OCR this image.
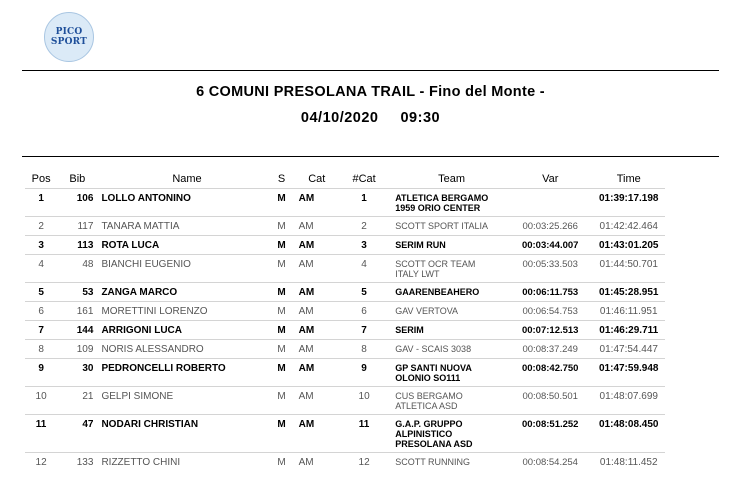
PICO
SPORT
6 COMUNI PRESOLANA TRAIL - Fino del Monte -
04/10/2020 09:30
Pos	Bib	Name	S	Cat	#Cat	Team	Var	Time
1	106	LOLLO ANTONINO	M	AM	1	ATLETICA BERGAMO
1959 ORIO CENTER		01:39:17.198
2	117	TANARA MATTIA	M	AM	2	SCOTT SPORT ITALIA	00:03:25.266	01:42:42.464
3	113	ROTA LUCA	M	AM	3	SERIM RUN	00:03:44.007	01:43:01.205
4	48	BIANCHI EUGENIO	M	AM	4	SCOTT OCR TEAM
ITALY LWT	00:05:33.503	01:44:50.701
5	53	ZANGA MARCO	M	AM	5	GAARENBEAHERO	00:06:11.753	01:45:28.951
6	161	MORETTINI LORENZO	M	AM	6	GAV VERTOVA	00:06:54.753	01:46:11.951
7	144	ARRIGONI LUCA	M	AM	7	SERIM	00:07:12.513	01:46:29.711
8	109	NORIS ALESSANDRO	M	AM	8	GAV - SCAIS 3038	00:08:37.249	01:47:54.447
9	30	PEDRONCELLI ROBERTO	M	AM	9	GP SANTI NUOVA
OLONIO SO111	00:08:42.750	01:47:59.948
10	21	GELPI SIMONE	M	AM	10	CUS BERGAMO
ATLETICA ASD	00:08:50.501	01:48:07.699
11	47	NODARI CHRISTIAN	M	AM	11	G.A.P. GRUPPO
ALPINISTICO
PRESOLANA ASD	00:08:51.252	01:48:08.450
12	133	RIZZETTO CHINI	M	AM	12	SCOTT RUNNING	00:08:54.254	01:48:11.452
